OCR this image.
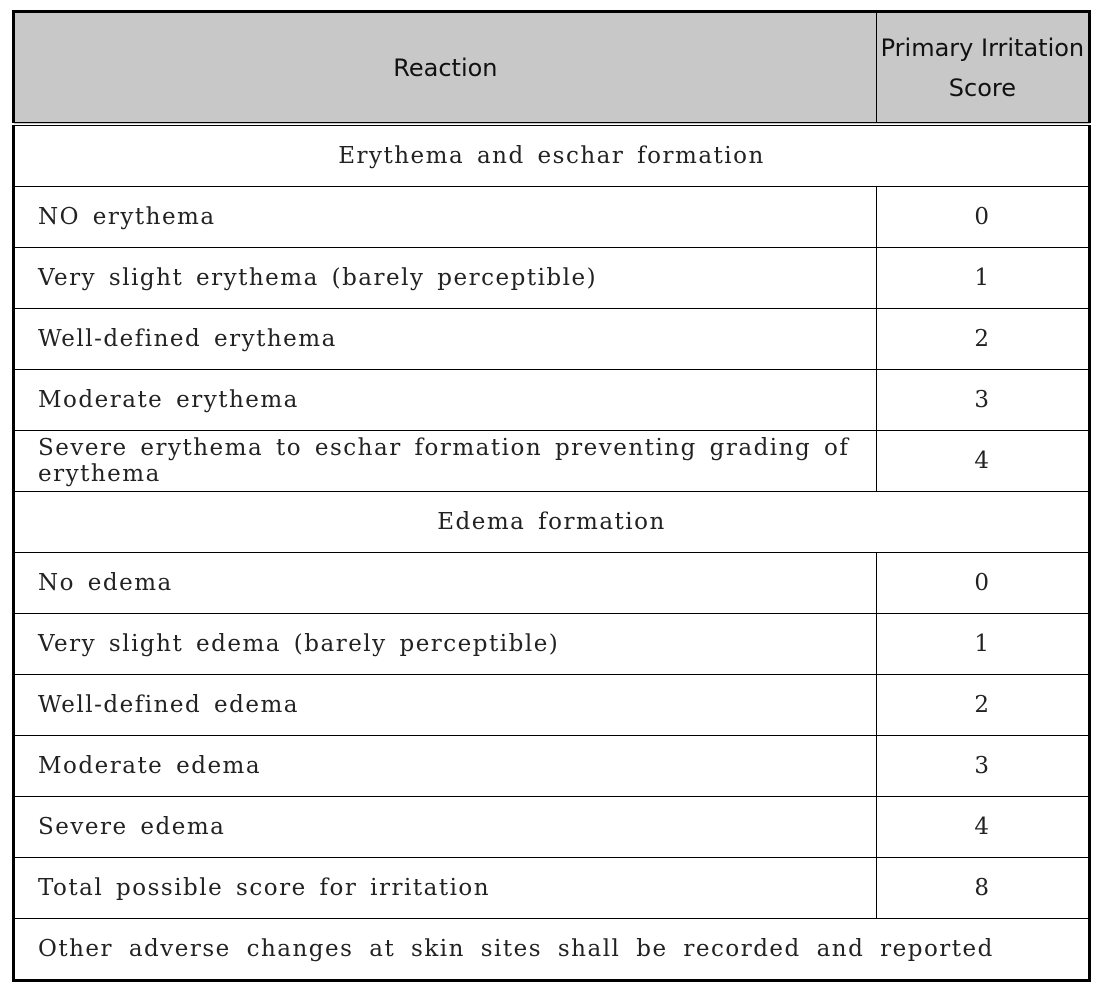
Reaction	Primary Irritation
Score
Erythema and eschar formation	
NO erythema	0
Very slight erythema (barely perceptible)	1
Well-defined erythema	2
Moderate erythema	3
Severe erythema to eschar formation preventing grading of erythema	4
Edema formation	
No edema	0
Very slight edema (barely perceptible)	1
Well-defined edema	2
Moderate edema	3
Severe edema	4
Total possible score for irritation	8
Other adverse changes at skin sites shall be recorded and reported	
